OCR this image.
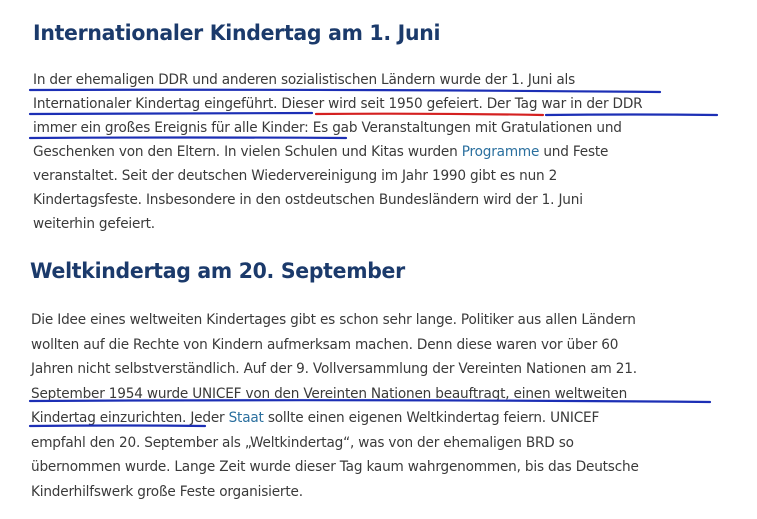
Internationaler Kindertag am 1. Juni
In der ehemaligen DDR und anderen sozialistischen Ländern wurde der 1. Juni als
Internationaler Kindertag eingeführt. Dieser wird seit 1950 gefeiert. Der Tag war in der DDR
immer ein großes Ereignis für alle Kinder: Es gab Veranstaltungen mit Gratulationen und
Geschenken von den Eltern. In vielen Schulen und Kitas wurden Programme und Feste
veranstaltet. Seit der deutschen Wiedervereinigung im Jahr 1990 gibt es nun 2
Kindertagsfeste. Insbesondere in den ostdeutschen Bundesländern wird der 1. Juni
weiterhin gefeiert.
Weltkindertag am 20. September
Die Idee eines weltweiten Kindertages gibt es schon sehr lange. Politiker aus allen Ländern
wollten auf die Rechte von Kindern aufmerksam machen. Denn diese waren vor über 60
Jahren nicht selbstverständlich. Auf der 9. Vollversammlung der Vereinten Nationen am 21.
September 1954 wurde UNICEF von den Vereinten Nationen beauftragt, einen weltweiten
Kindertag einzurichten. Jeder Staat sollte einen eigenen Weltkindertag feiern. UNICEF
empfahl den 20. September als „Weltkindertag“, was von der ehemaligen BRD so
übernommen wurde. Lange Zeit wurde dieser Tag kaum wahrgenommen, bis das Deutsche
Kinderhilfswerk große Feste organisierte.
